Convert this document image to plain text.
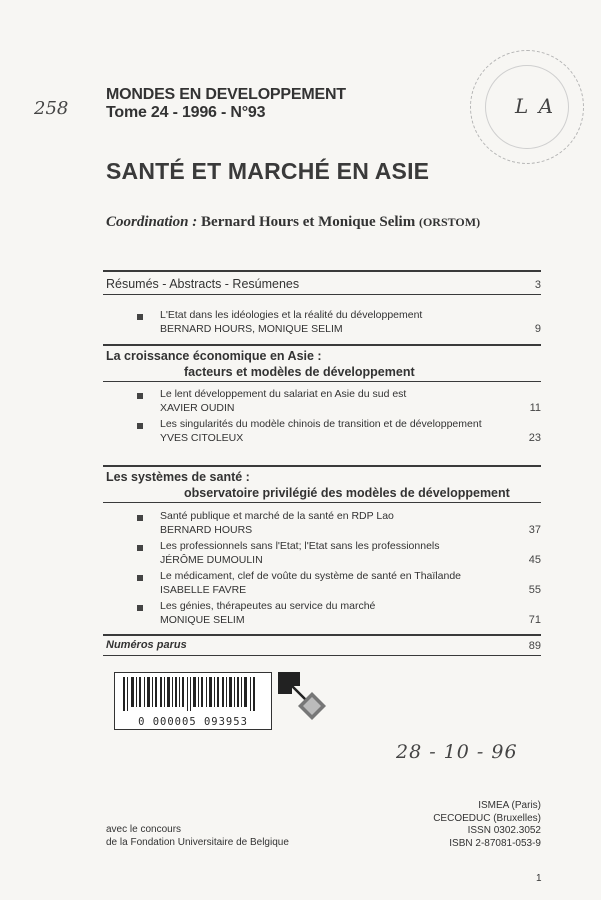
258	L A
MONDES EN DEVELOPPEMENT
Tome 24 - 1996 - N°93
SANTÉ ET MARCHÉ EN ASIE
Coordination : Bernard Hours et Monique Selim (ORSTOM)
Résumés - Abstracts - Resúmenes	3
L'Etat dans les idéologies et la réalité du développement
BERNARD HOURS, MONIQUE SELIM	9
La croissance économique en Asie :
facteurs et modèles de développement
Le lent développement du salariat en Asie du sud est
XAVIER OUDIN	11
Les singularités du modèle chinois de transition et de développement
YVES CITOLEUX	23
Les systèmes de santé :
observatoire privilégié des modèles de développement
Santé publique et marché de la santé en RDP Lao
BERNARD HOURS	37
Les professionnels sans l'Etat; l'Etat sans les professionnels
JÉRÔME DUMOULIN	45
Le médicament, clef de voûte du système de santé en Thaïlande
ISABELLE FAVRE	55
Les génies, thérapeutes au service du marché
MONIQUE SELIM	71
Numéros parus	89
0 000005 093953
28 - 10 - 96
avec le concours
de la Fondation Universitaire de Belgique
ISMEA (Paris)
CECOEDUC (Bruxelles)
ISSN 0302.3052
ISBN 2-87081-053-9
1
